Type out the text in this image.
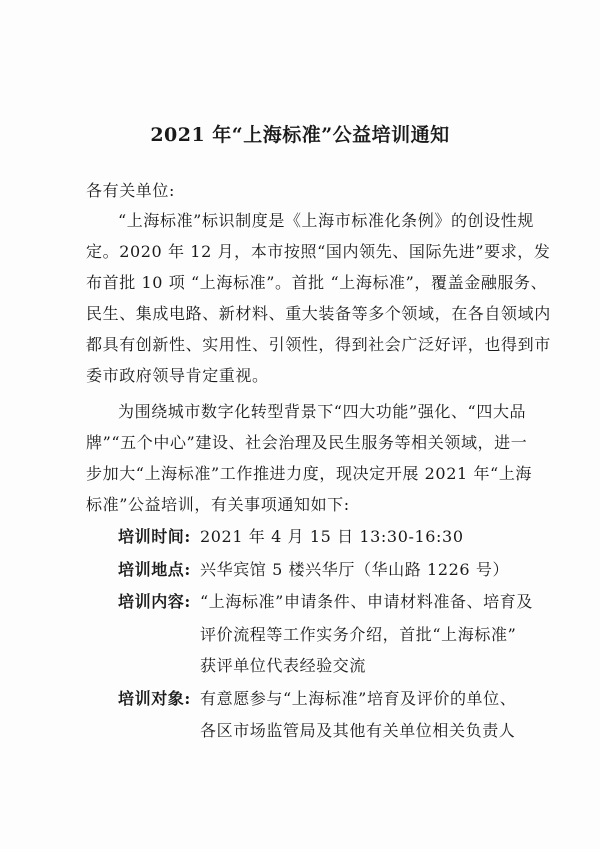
2021 年“上海标准”公益培训通知
各有关单位:
“上海标准”标识制度是《上海市标准化条例》的创设性规
定。2020 年 12 月，本市按照“国内领先、国际先进”要求，发
布首批 10 项 “上海标准”。首批 “上海标准”，覆盖金融服务、
民生、集成电路、新材料、重大装备等多个领域，在各自领域内
都具有创新性、实用性、引领性，得到社会广泛好评，也得到市
委市政府领导肯定重视。
为围绕城市数字化转型背景下“四大功能”强化、“四大品
牌”“五个中心”建设、社会治理及民生服务等相关领域，进一
步加大“上海标准”工作推进力度，现决定开展 2021 年“上海
标准”公益培训，有关事项通知如下:
培训时间: 2021 年 4 月 15 日 13:30-16:30
培训地点: 兴华宾馆 5 楼兴华厅（华山路 1226 号）
培训内容: “上海标准”申请条件、申请材料准备、培育及
评价流程等工作实务介绍，首批“上海标准”
获评单位代表经验交流
培训对象: 有意愿参与“上海标准”培育及评价的单位、
各区市场监管局及其他有关单位相关负责人
